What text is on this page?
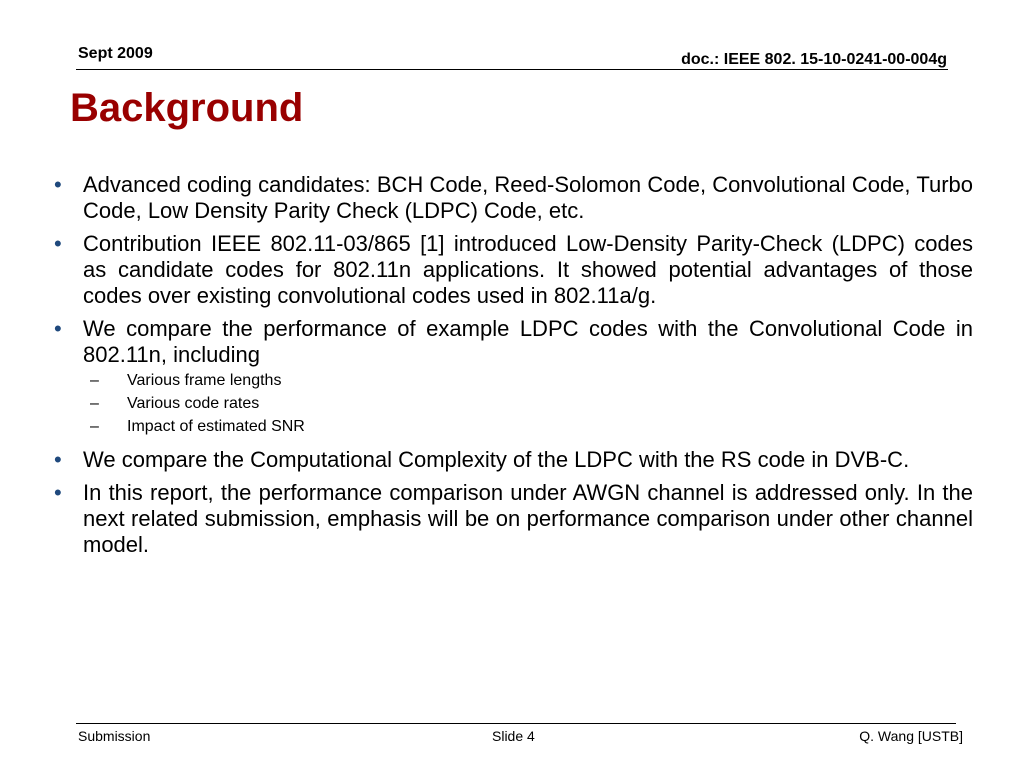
Sept 2009	doc.: IEEE 802. 15-10-0241-00-004g
Background
• Advanced coding candidates: BCH Code, Reed-Solomon Code, Convolutional Code, Turbo Code, Low Density Parity Check (LDPC) Code, etc.
• Contribution IEEE 802.11-03/865 [1] introduced Low-Density Parity-Check (LDPC) codes as candidate codes for 802.11n applications. It showed potential advantages of those codes over existing convolutional codes used in 802.11a/g.
• We compare the performance of example LDPC codes with the Convolutional Code in 802.11n, including
– Various frame lengths
– Various code rates
– Impact of estimated SNR
• We compare the Computational Complexity of the LDPC with the RS code in DVB-C.
• In this report, the performance comparison under AWGN channel is addressed only. In the next related submission, emphasis will be on performance comparison under other channel model.
Submission	Slide 4	Q. Wang [USTB]
